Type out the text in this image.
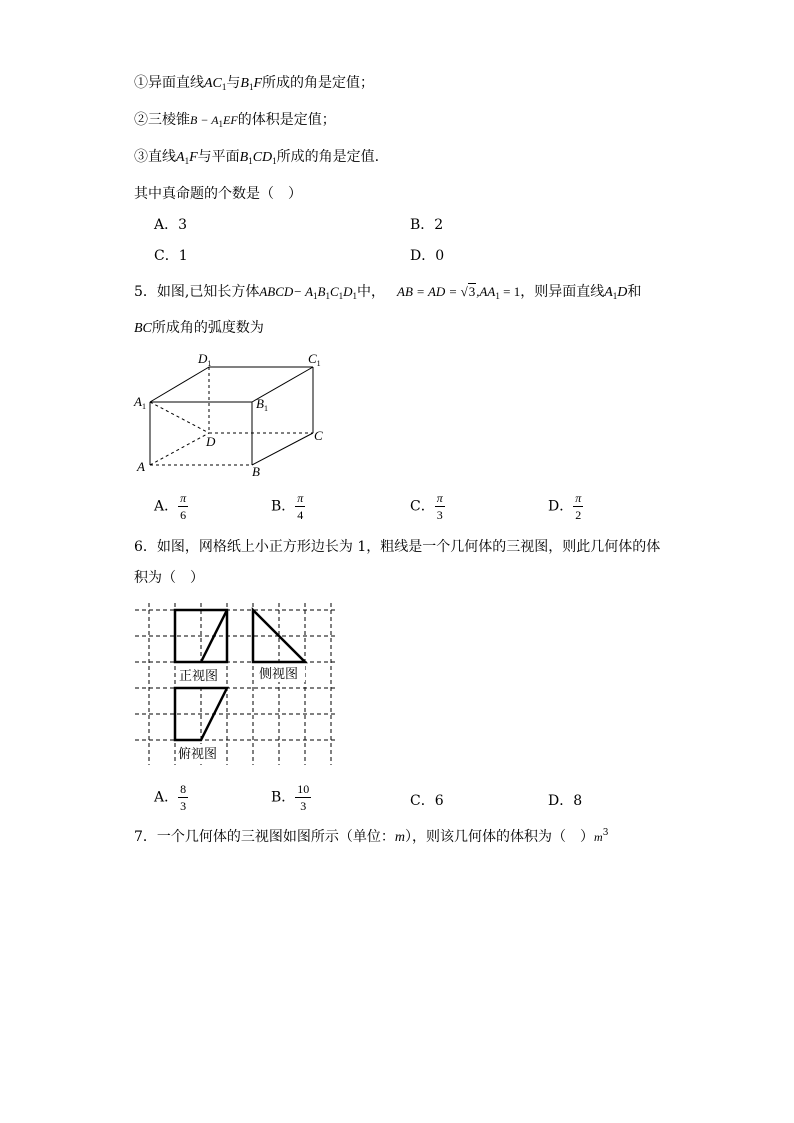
①异面直线$AC_1$与$B_1F$所成的角是定值；
②三棱锥$B - A_1EF$的体积是定值；
③直线$A_1F$与平面$B_1CD_1$所成的角是定值.
其中真命题的个数是（　）
A．3	B．2
C．1	D．0
5．如图,已知长方体ABCD− $A_1B_1C_1D_1$中， AB = AD = $√3,AA_1 = 1$，则异面直线$A_1D$和
BC所成角的弧度数为
$D_1$	$C_1$
$A_1$	$B_1$
D	C
A	B
A． $\frac{\pi}{6}$	B． $\frac{\pi}{4}$	C． $\frac{\pi}{3}$	D． $\frac{\pi}{2}$
6．如图，网格纸上小正方形边长为 1，粗线是一个几何体的三视图，则此几何体的体
积为（　）
正视图	侧视图
俯视图
A． $\frac{8}{3}$	B． $\frac{10}{3}$	C．6	D．8
7．一个几何体的三视图如图所示（单位：m），则该几何体的体积为（　）$m^3$
